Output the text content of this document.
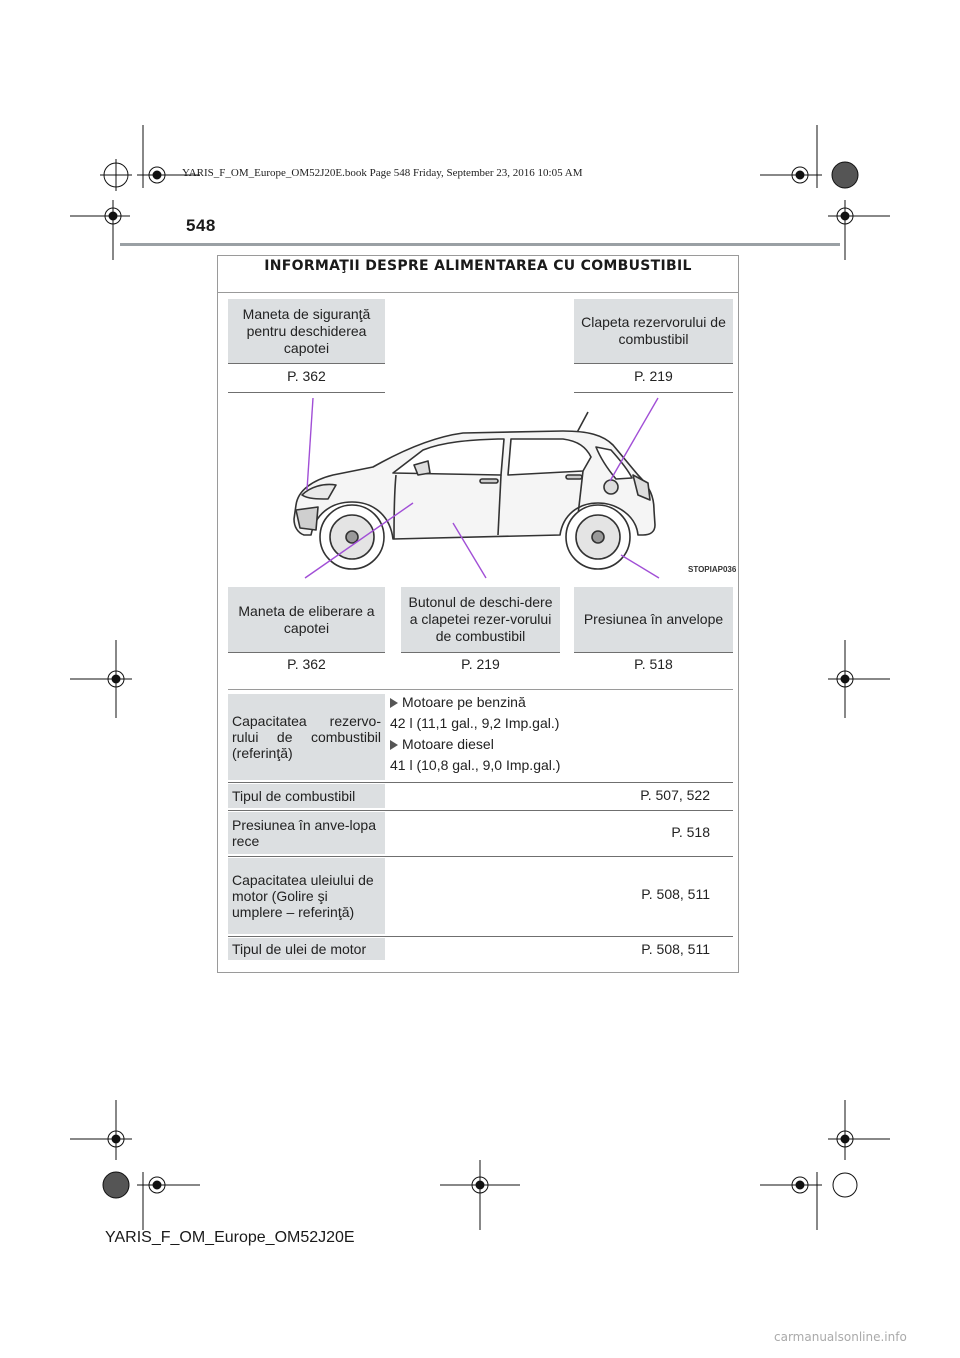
YARIS_F_OM_Europe_OM52J20E.book Page 548 Friday, September 23, 2016 10:05 AM
548
INFORMAŢII DESPRE ALIMENTAREA CU COMBUSTIBIL
Maneta de siguranţă pentru deschiderea capotei
P. 362
Clapeta rezervorului de combustibil
P. 219
STOPIAP036
Maneta de eliberare a capotei
P. 362
Butonul de deschi-dere a clapetei rezer-vorului de combustibil
P. 219
Presiunea în anvelope
P. 518
Capacitatea rezervo-rului de combustibil (referinţă)
Motoare pe benzină
42 l (11,1 gal., 9,2 Imp.gal.)
Motoare diesel
41 l (10,8 gal., 9,0 Imp.gal.)
Tipul de combustibil	P. 507, 522
Presiunea în anve-lopa rece
P. 518
Capacitatea uleiului de motor (Golire şi umplere – referinţă)
P. 508, 511
Tipul de ulei de motor	P. 508, 511
YARIS_F_OM_Europe_OM52J20E
carmanualsonline.info
